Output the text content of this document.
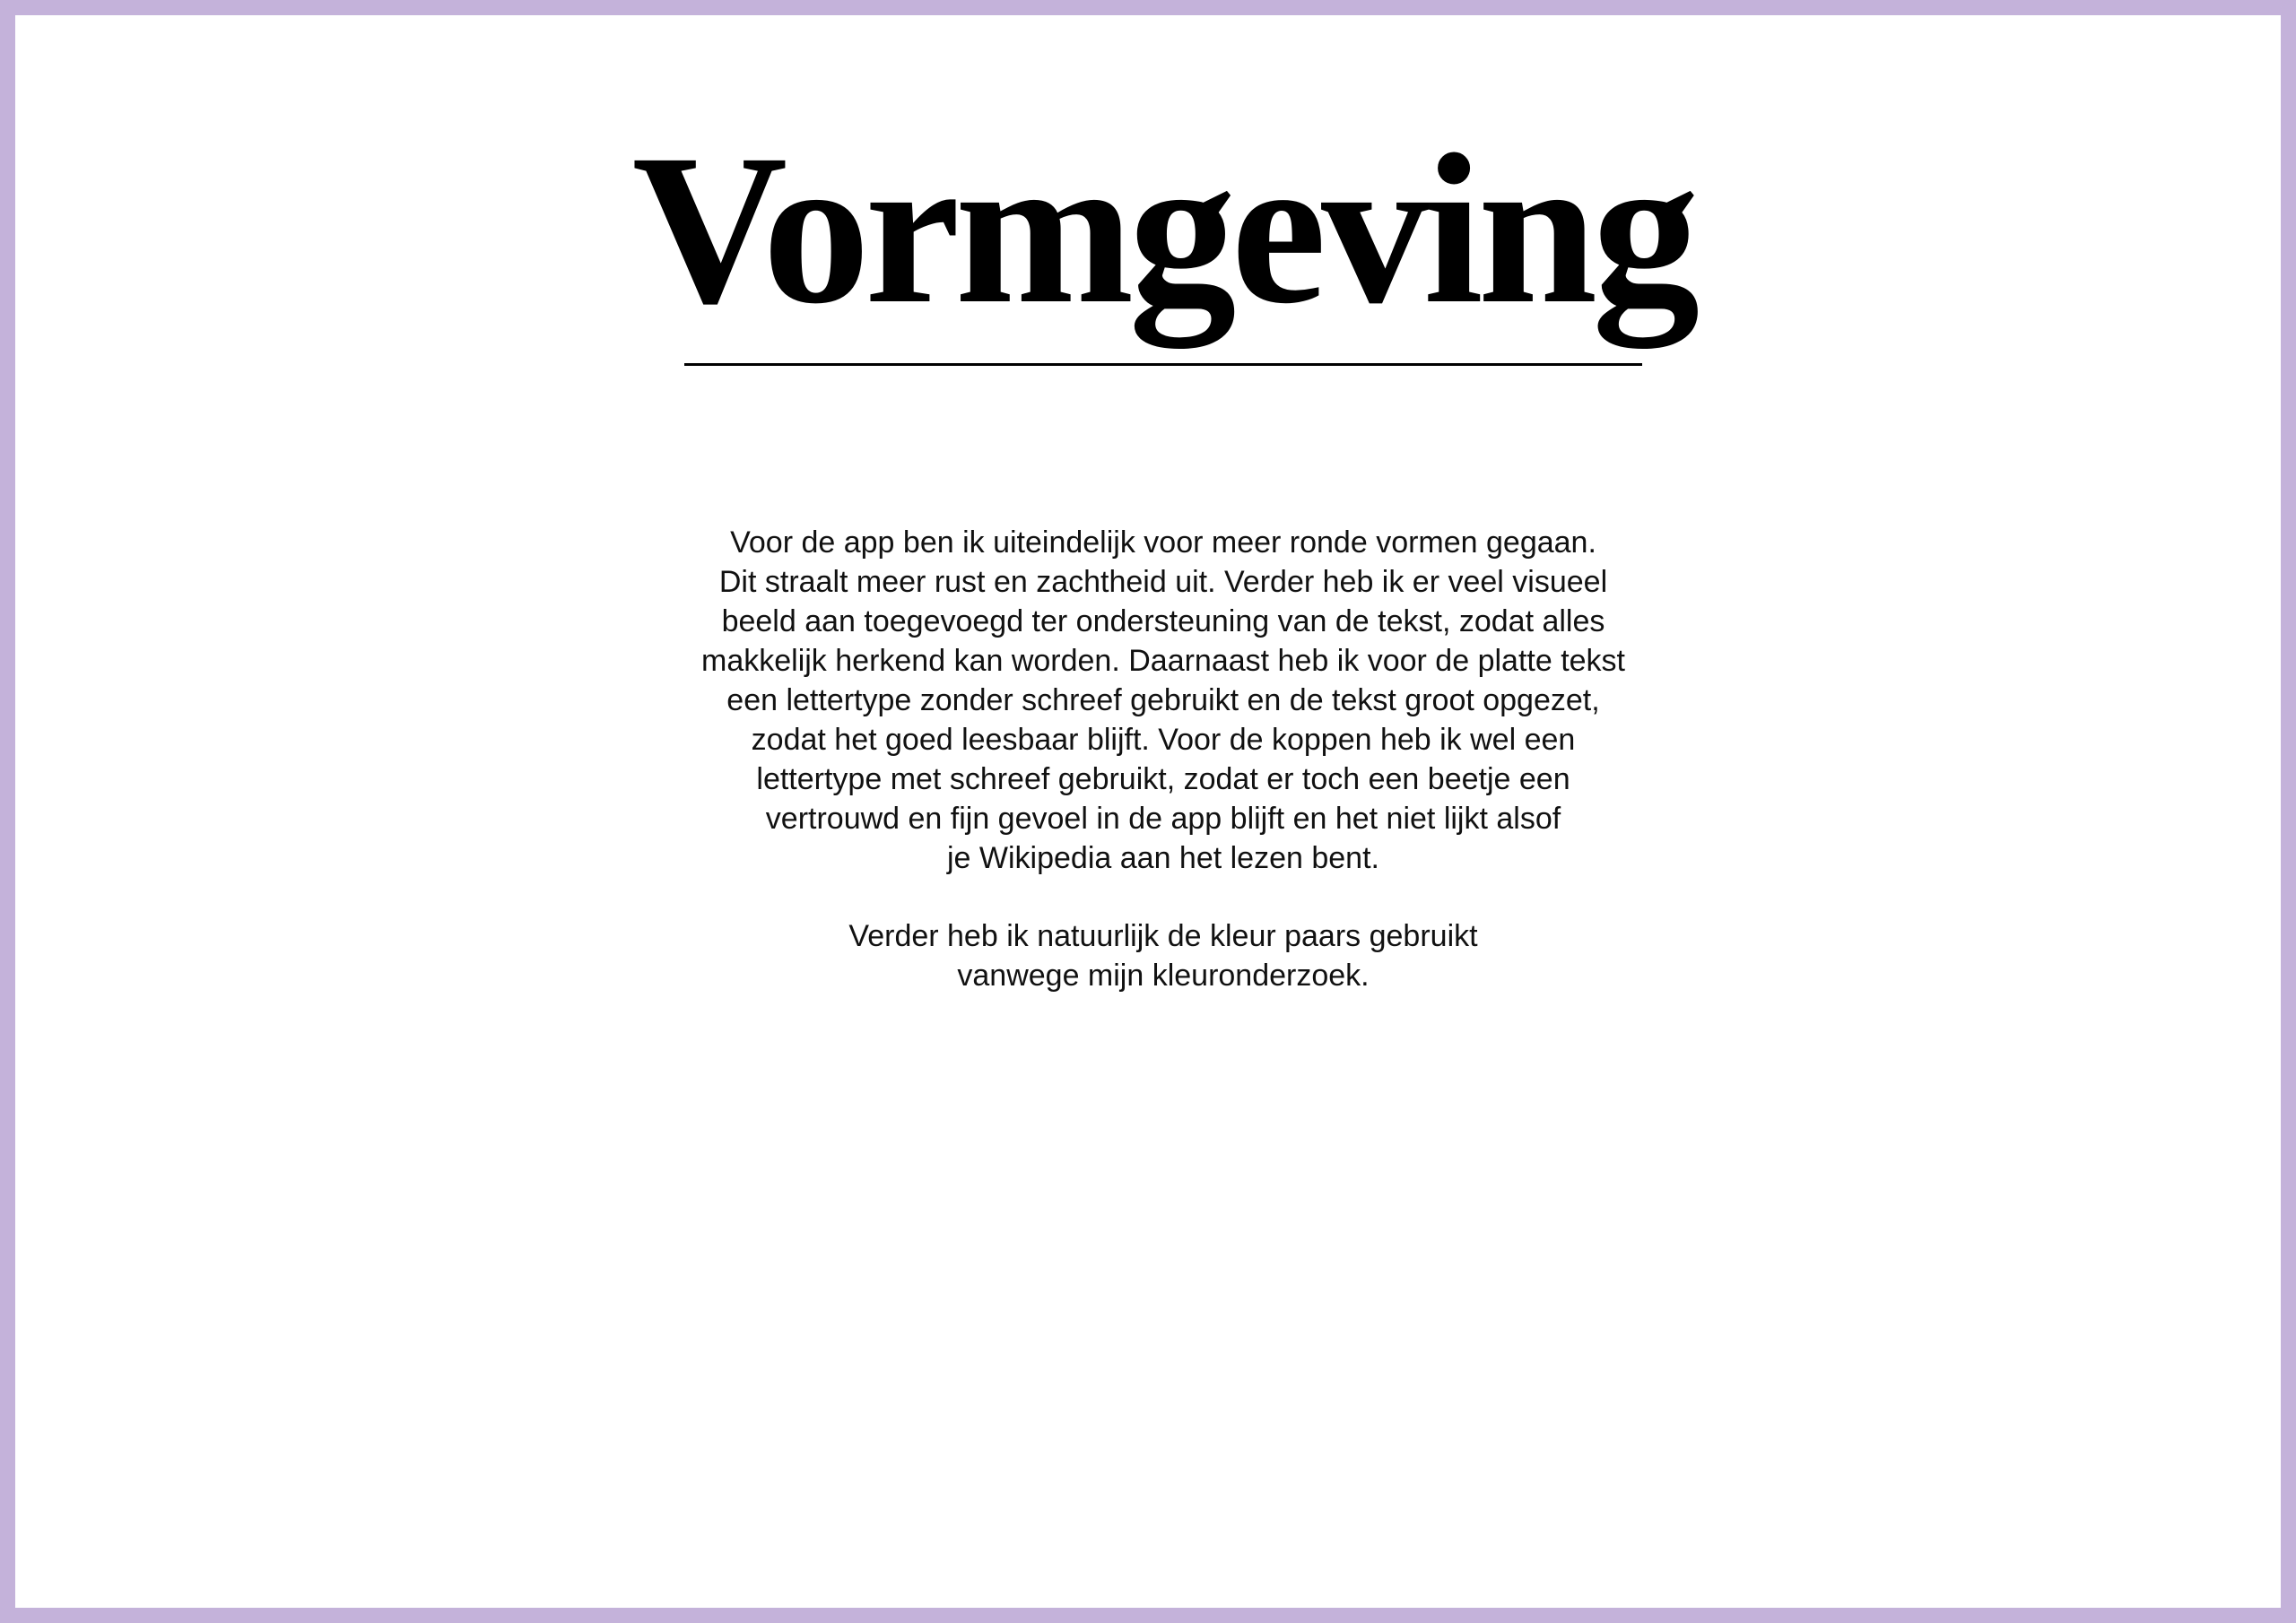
Vormgeving

Voor de app ben ik uiteindelijk voor meer ronde vormen gegaan.
Dit straalt meer rust en zachtheid uit. Verder heb ik er veel visueel
beeld aan toegevoegd ter ondersteuning van de tekst, zodat alles
makkelijk herkend kan worden. Daarnaast heb ik voor de platte tekst
een lettertype zonder schreef gebruikt en de tekst groot opgezet,
zodat het goed leesbaar blijft. Voor de koppen heb ik wel een
lettertype met schreef gebruikt, zodat er toch een beetje een
vertrouwd en fijn gevoel in de app blijft en het niet lijkt alsof
je Wikipedia aan het lezen bent.

Verder heb ik natuurlijk de kleur paars gebruikt
vanwege mijn kleuronderzoek.
